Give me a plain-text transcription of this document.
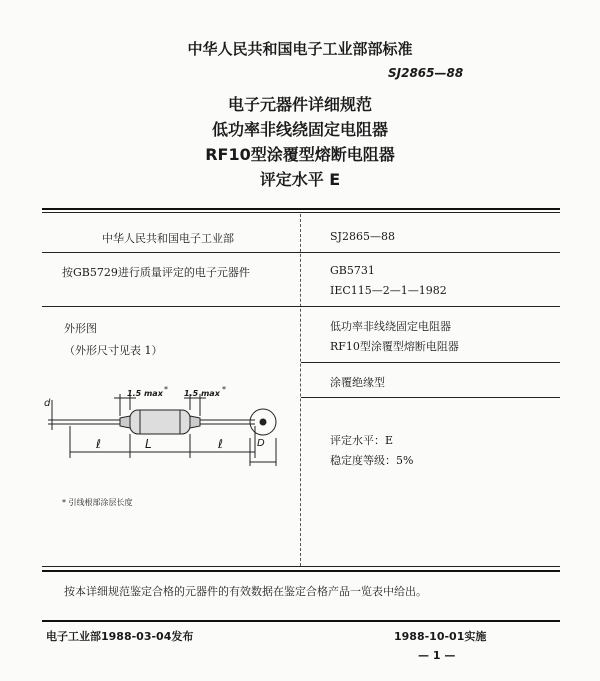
中华人民共和国电子工业部部标准
SJ2865—88
电子元器件详细规范
低功率非线绕固定电阻器
RF10型涂覆型熔断电阻器
评定水平 E
中华人民共和国电子工业部	SJ2865—88
按GB5729进行质量评定的电子元器件	GB5731
IEC115—2—1—1982
外形图
（外形尺寸见表 1）
1.5 max * 1.5 max *
d
ℓ	L	ℓ	D
* 引线根部涂层长度
低功率非线绕固定电阻器
RF10型涂覆型熔断电阻器
涂覆绝缘型
评定水平：E
稳定度等级：5%
按本详细规范鉴定合格的元器件的有效数据在鉴定合格产品一览表中给出。
电子工业部1988-03-04发布	1988-10-01实施
— 1 —
